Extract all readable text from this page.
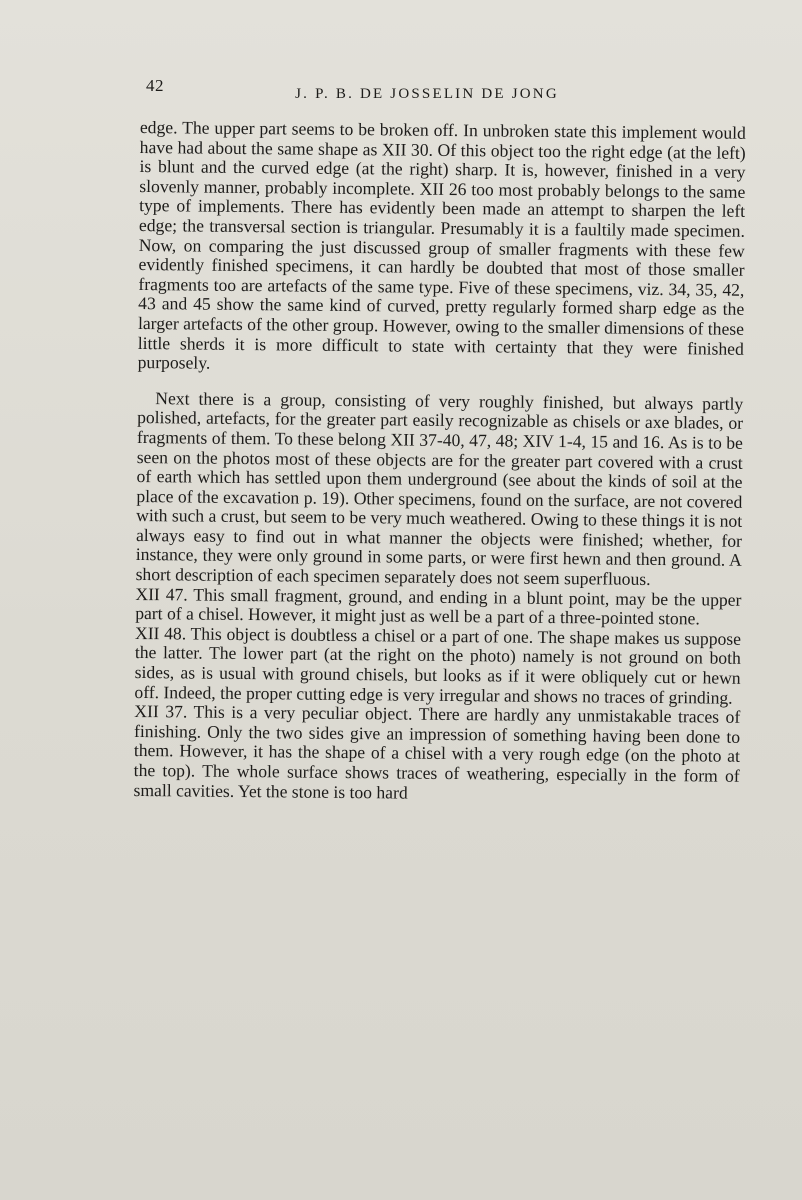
42	J. P. B. DE JOSSELIN DE JONG

edge. The upper part seems to be broken off. In unbroken state this implement would have had about the same shape as XII 30. Of this object too the right edge (at the left) is blunt and the curved edge (at the right) sharp. It is, however, finished in a very slovenly manner, probably incomplete. XII 26 too most probably belongs to the same type of implements. There has evidently been made an attempt to sharpen the left edge; the transversal section is triangular. Presumably it is a faultily made specimen. Now, on comparing the just discussed group of smaller fragments with these few evidently finished specimens, it can hardly be doubted that most of those smaller fragments too are artefacts of the same type. Five of these specimens, viz. 34, 35, 42, 43 and 45 show the same kind of curved, pretty regularly formed sharp edge as the larger artefacts of the other group. However, owing to the smaller dimensions of these little sherds it is more difficult to state with certainty that they were finished purposely.

Next there is a group, consisting of very roughly finished, but always partly polished, artefacts, for the greater part easily recognizable as chisels or axe blades, or fragments of them. To these belong XII 37-40, 47, 48; XIV 1-4, 15 and 16. As is to be seen on the photos most of these objects are for the greater part covered with a crust of earth which has settled upon them underground (see about the kinds of soil at the place of the excavation p. 19). Other specimens, found on the surface, are not covered with such a crust, but seem to be very much weathered. Owing to these things it is not always easy to find out in what manner the objects were finished; whether, for instance, they were only ground in some parts, or were first hewn and then ground. A short description of each specimen separately does not seem superfluous.

XII 47. This small fragment, ground, and ending in a blunt point, may be the upper part of a chisel. However, it might just as well be a part of a three-pointed stone.

XII 48. This object is doubtless a chisel or a part of one. The shape makes us suppose the latter. The lower part (at the right on the photo) namely is not ground on both sides, as is usual with ground chisels, but looks as if it were obliquely cut or hewn off. Indeed, the proper cutting edge is very irregular and shows no traces of grinding.

XII 37. This is a very peculiar object. There are hardly any unmistakable traces of finishing. Only the two sides give an impression of something having been done to them. However, it has the shape of a chisel with a very rough edge (on the photo at the top). The whole surface shows traces of weathering, especially in the form of small cavities. Yet the stone is too hard
